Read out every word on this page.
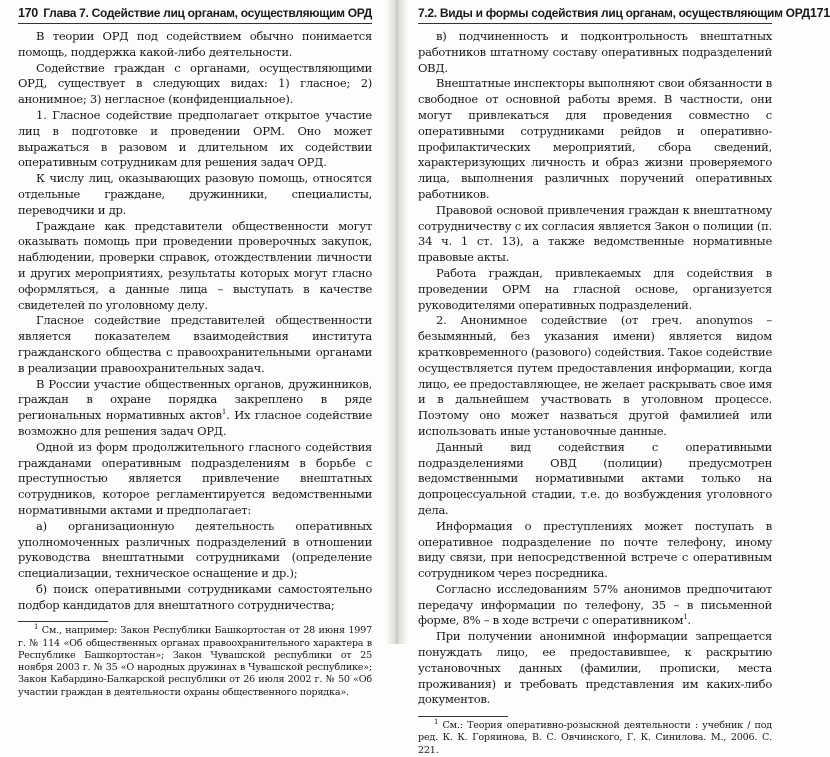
170 Глава 7. Содействие лиц органам, осуществляющим ОРД

В теории ОРД под содействием обычно понимается помощь, поддержка какой-либо деятельности.

Содействие граждан с органами, осуществляющими ОРД, существует в следующих видах: 1) гласное; 2) анонимное; 3) негласное (конфиденциальное).

1. Гласное содействие предполагает открытое участие лиц в подготовке и проведении ОРМ. Оно может выражаться в разовом и длительном их содействии оперативным сотрудникам для решения задач ОРД.

К числу лиц, оказывающих разовую помощь, относятся отдельные граждане, дружинники, специалисты, переводчики и др.

Граждане как представители общественности могут оказывать помощь при проведении проверочных закупок, наблюдении, проверки справок, отождествлении личности и других мероприятиях, результаты которых могут гласно оформляться, а данные лица – выступать в качестве свидетелей по уголовному делу.

Гласное содействие представителей общественности является показателем взаимодействия института гражданского общества с правоохранительными органами в реализации правоохранительных задач.

В России участие общественных органов, дружинников, граждан в охране порядка закреплено в ряде региональных нормативных актов$^1$. Их гласное содействие возможно для решения задач ОРД.

Одной из форм продолжительного гласного содействия гражданами оперативным подразделениям в борьбе с преступностью является привлечение внештатных сотрудников, которое регламентируется ведомственными нормативными актами и предполагает:

а) организационную деятельность оперативных уполномоченных различных подразделений в отношении руководства внештатными сотрудниками (определение специализации, техническое оснащение и др.);

б) поиск оперативными сотрудниками самостоятельно подбор кандидатов для внештатного сотрудничества;

$^1$ См., например: Закон Республики Башкортостан от 28 июня 1997 г. № 114 «Об общественных органах правоохранительного характера в Республике Башкортостан»; Закон Чувашской республики от 25 ноября 2003 г. № 35 «О народных дружинах в Чувашской республике»; Закон Кабардино-Балкарской республики от 26 июля 2002 г. № 50 «Об участии граждан в деятельности охраны общественного порядка».

7.2. Виды и формы содействия лиц органам, осуществляющим ОРД 171

в) подчиненность и подконтрольность внештатных работников штатному составу оперативных подразделений ОВД.

Внештатные инспекторы выполняют свои обязанности в свободное от основной работы время. В частности, они могут привлекаться для проведения совместно с оперативными сотрудниками рейдов и оперативно-профилактических мероприятий, сбора сведений, характеризующих личность и образ жизни проверяемого лица, выполнения различных поручений оперативных работников.

Правовой основой привлечения граждан к внештатному сотрудничеству с их согласия является Закон о полиции (п. 34 ч. 1 ст. 13), а также ведомственные нормативные правовые акты.

Работа граждан, привлекаемых для содействия в проведении ОРМ на гласной основе, организуется руководителями оперативных подразделений.

2. Анонимное содействие (от греч. anonymos – безымянный, без указания имени) является видом кратковременного (разового) содействия. Такое содействие осуществляется путем предоставления информации, когда лицо, ее предоставляющее, не желает раскрывать свое имя и в дальнейшем участвовать в уголовном процессе. Поэтому оно может назваться другой фамилией или использовать иные установочные данные.

Данный вид содействия с оперативными подразделениями ОВД (полиции) предусмотрен ведомственными нормативными актами только на допроцессуальной стадии, т.е. до возбуждения уголовного дела.

Информация о преступлениях может поступать в оперативное подразделение по почте телефону, иному виду связи, при непосредственной встрече с оперативным сотрудником через посредника.

Согласно исследованиям 57% анонимов предпочитают передачу информации по телефону, 35 – в письменной форме, 8% – в ходе встречи с оперативником$^1$.

При получении анонимной информации запрещается понуждать лицо, ее предоставившее, к раскрытию установочных данных (фамилии, прописки, места проживания) и требовать представления им каких-либо документов.

$^1$ См.: Теория оперативно-розыскной деятельности : учебник / под ред. К. К. Горяинова, В. С. Овчинского, Г. К. Синилова. М., 2006. С. 221.
